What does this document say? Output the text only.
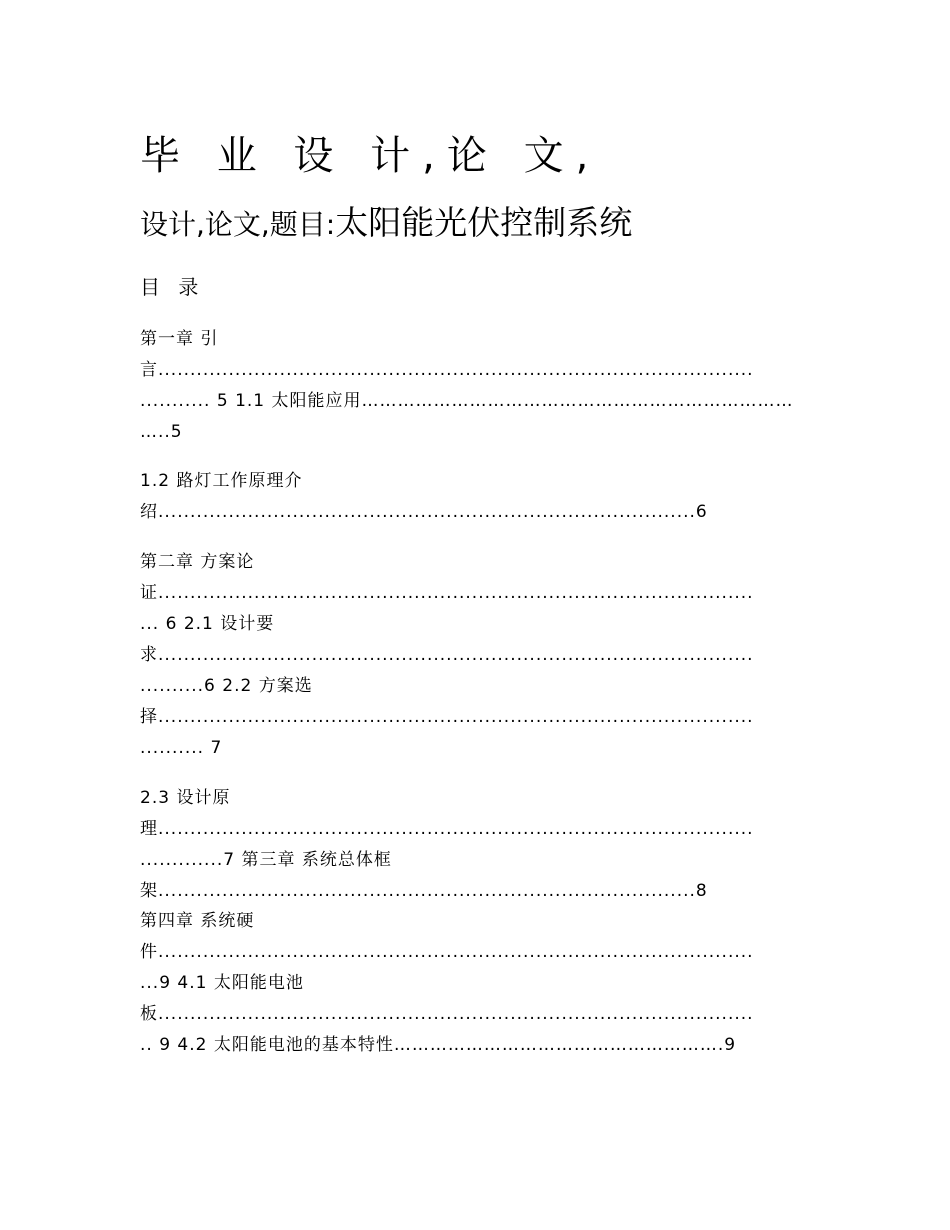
毕 业 设 计,论 文,
设计,论文,题目:太阳能光伏控制系统
目 录
第一章 引
言.............................................................................................
........... 5 1.1 太阳能应用………………………………………………………………
…..5
1.2 路灯工作原理介
绍....................................................................................6
第二章 方案论
证.............................................................................................
... 6 2.1 设计要
求.............................................................................................
..........6 2.2 方案选
择.............................................................................................
.......... 7
2.3 设计原
理.............................................................................................
.............7 第三章 系统总体框
架....................................................................................8
第四章 系统硬
件.............................................................................................
...9 4.1 太阳能电池
板.............................................................................................
.. 9 4.2 太阳能电池的基本特性……………………………………………….9
